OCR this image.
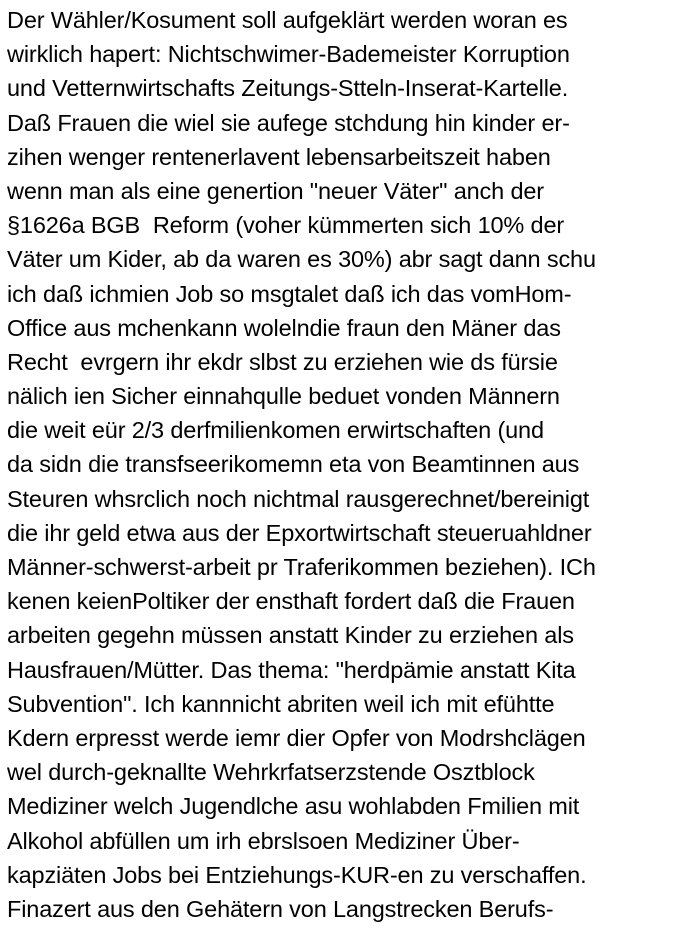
Der Wähler/Kosument soll aufgeklärt werden woran es

wirklich hapert: Nichtschwimer-Bademeister Korruption

und Vetternwirtschafts Zeitungs-Stteln-Inserat-Kartelle.

Daß Frauen die wiel sie aufege stchdung hin kinder er-

zihen wenger rentenerlavent lebensarbeitszeit haben

wenn man als eine genertion "neuer Väter" anch der

§1626a BGB  Reform (voher kümmerten sich 10% der

Väter um Kider, ab da waren es 30%) abr sagt dann schu

ich daß ichmien Job so msgtalet daß ich das vomHom-

Office aus mchenkann wolelndie fraun den Mäner das

Recht  evrgern ihr ekdr slbst zu erziehen wie ds fürsie

nälich ien Sicher einnahqulle beduet vonden Männern

die weit eür 2/3 derfmilienkomen erwirtschaften (und

da sidn die transfseerikomemn eta von Beamtinnen aus

Steuren whsrclich noch nichtmal rausgerechnet/bereinigt

die ihr geld etwa aus der Epxortwirtschaft steueruahldner

Männer-schwerst-arbeit pr Traferikommen beziehen). ICh

kenen keienPoltiker der ensthaft fordert daß die Frauen

arbeiten gegehn müssen anstatt Kinder zu erziehen als

Hausfrauen/Mütter. Das thema: "herdpämie anstatt Kita

Subvention". Ich kannnicht abriten weil ich mit efühtte

Kdern erpresst werde iemr dier Opfer von Modrshclägen

wel durch-geknallte Wehrkrfatserzstende Osztblock

Mediziner welch Jugendlche asu wohlabden Fmilien mit

Alkohol abfüllen um irh ebrslsoen Mediziner Über-

kapziäten Jobs bei Entziehungs-KUR-en zu verschaffen.

Finazert aus den Gehätern von Langstrecken Berufs-
